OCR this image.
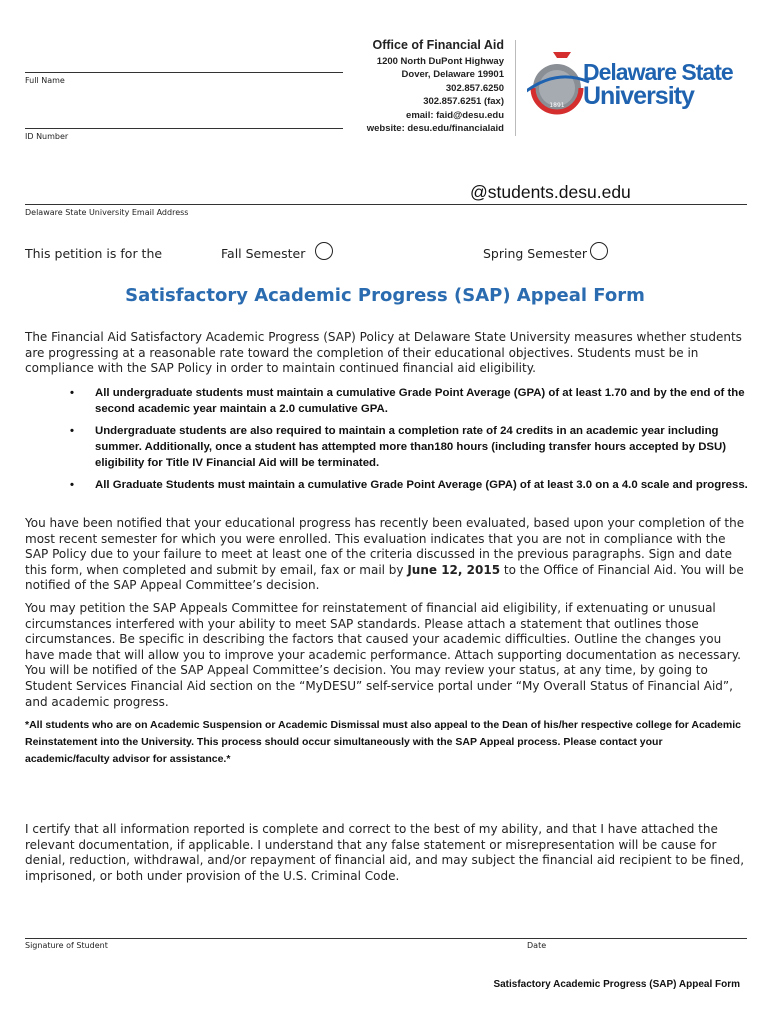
Full Name
ID Number
Office of Financial Aid
1200 North DuPont Highway
Dover, Delaware 19901
302.857.6250
302.857.6251 (fax)
email: faid@desu.edu
website: desu.edu/financialaid
1891
Delaware State
University
@students.desu.edu
Delaware State University Email Address
This petition is for the	Fall Semester	Spring Semester
Satisfactory Academic Progress (SAP) Appeal Form
The Financial Aid Satisfactory Academic Progress (SAP) Policy at Delaware State University measures whether students are progressing at a reasonable rate toward the completion of their educational objectives. Students must be in compliance with the SAP Policy in order to maintain continued financial aid eligibility.
• All undergraduate students must maintain a cumulative Grade Point Average (GPA) of at least 1.70 and by the end of the second academic year maintain a 2.0 cumulative GPA.
• Undergraduate students are also required to maintain a completion rate of 24 credits in an academic year including summer. Additionally, once a student has attempted more than180 hours (including transfer hours accepted by DSU) eligibility for Title IV Financial Aid will be terminated.
• All Graduate Students must maintain a cumulative Grade Point Average (GPA) of at least 3.0 on a 4.0 scale and progress.
You have been notified that your educational progress has recently been evaluated, based upon your completion of the most recent semester for which you were enrolled. This evaluation indicates that you are not in compliance with the SAP Policy due to your failure to meet at least one of the criteria discussed in the previous paragraphs. Sign and date this form, when completed and submit by email, fax or mail by June 12, 2015 to the Office of Financial Aid. You will be notified of the SAP Appeal Committee’s decision.
You may petition the SAP Appeals Committee for reinstatement of financial aid eligibility, if extenuating or unusual circumstances interfered with your ability to meet SAP standards. Please attach a statement that outlines those circumstances. Be specific in describing the factors that caused your academic difficulties. Outline the changes you have made that will allow you to improve your academic performance. Attach supporting documentation as necessary. You will be notified of the SAP Appeal Committee’s decision. You may review your status, at any time, by going to Student Services Financial Aid section on the “MyDESU” self-service portal under “My Overall Status of Financial Aid”, and academic progress.
*All students who are on Academic Suspension or Academic Dismissal must also appeal to the Dean of his/her respective college for Academic Reinstatement into the University. This process should occur simultaneously with the SAP Appeal process. Please contact your academic/faculty advisor for assistance.*
I certify that all information reported is complete and correct to the best of my ability, and that I have attached the relevant documentation, if applicable. I understand that any false statement or misrepresentation will be cause for denial, reduction, withdrawal, and/or repayment of financial aid, and may subject the financial aid recipient to be fined, imprisoned, or both under provision of the U.S. Criminal Code.
Signature of Student	Date
Satisfactory Academic Progress (SAP) Appeal Form
